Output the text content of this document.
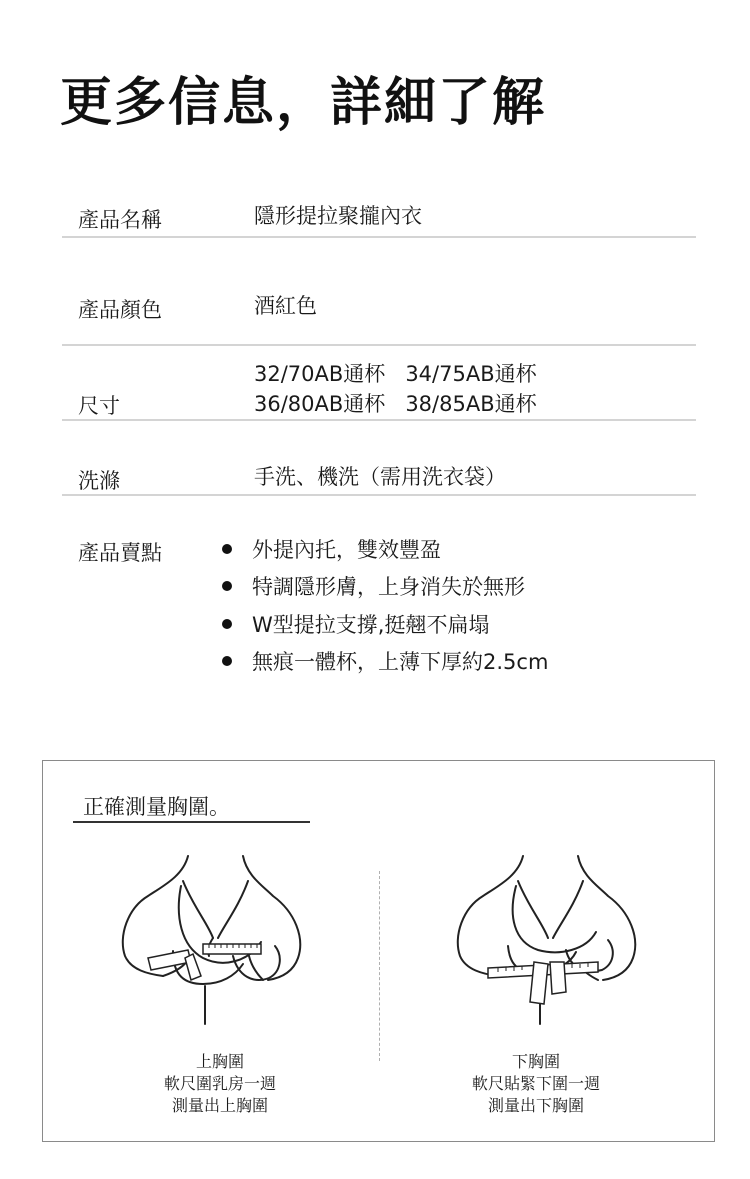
更多信息，詳細了解
產品名稱	隱形提拉聚攏內衣
產品顏色	酒紅色
尺寸
32/70AB通杯   34/75AB通杯
36/80AB通杯   38/85AB通杯
洗滌	手洗、機洗（需用洗衣袋）
產品賣點	外提內托，雙效豐盈
特調隱形膚，上身消失於無形
W型提拉支撐,挺翹不扁塌
無痕一體杯，上薄下厚約2.5cm
正確測量胸圍。
上胸圍
軟尺圍乳房一週
測量出上胸圍
下胸圍
軟尺貼緊下圍一週
測量出下胸圍
